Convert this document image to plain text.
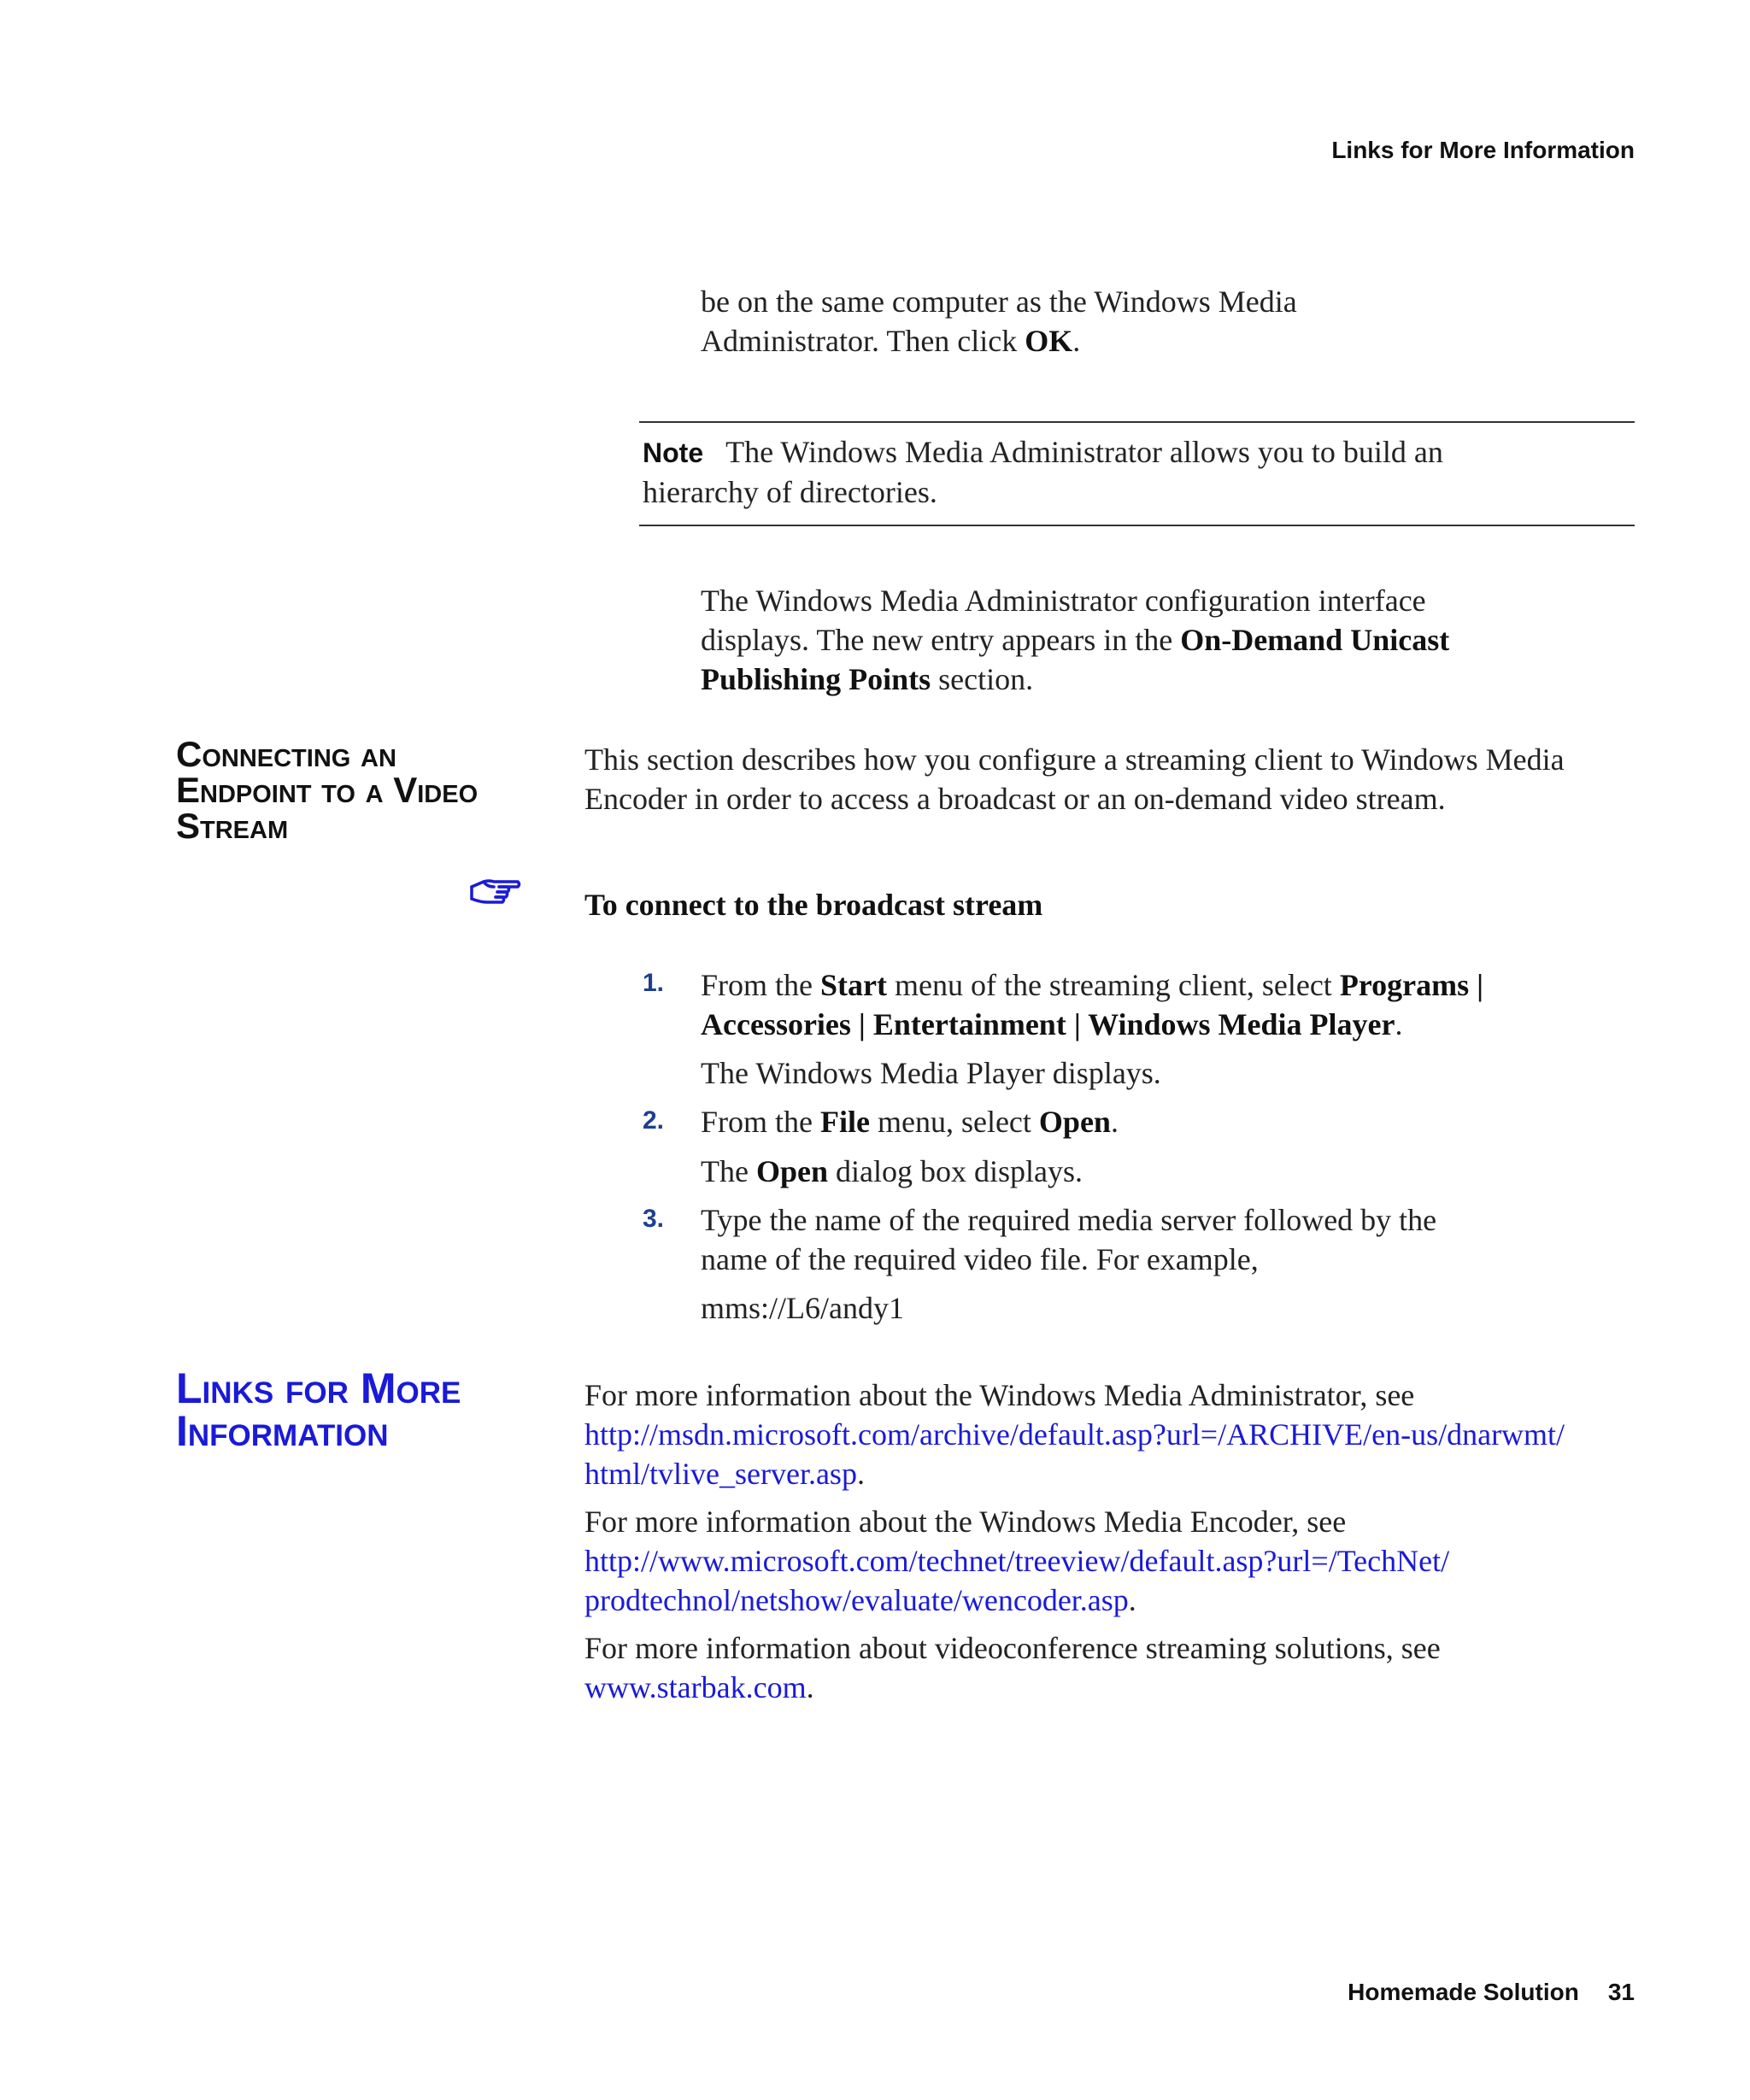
Links for More Information
be on the same computer as the Windows Media
Administrator. Then click OK.
Note The Windows Media Administrator allows you to build an
hierarchy of directories.
The Windows Media Administrator configuration interface
displays. The new entry appears in the On-Demand Unicast
Publishing Points section.
Connecting an
Endpoint to a Video
Stream
This section describes how you configure a streaming client to Windows Media
Encoder in order to access a broadcast or an on-demand video stream.
To connect to the broadcast stream
1. From the Start menu of the streaming client, select Programs |
Accessories | Entertainment | Windows Media Player.
The Windows Media Player displays.
2. From the File menu, select Open.
The Open dialog box displays.
3. Type the name of the required media server followed by the
name of the required video file. For example,
mms://L6/andy1
Links for More
Information
For more information about the Windows Media Administrator, see
http://msdn.microsoft.com/archive/default.asp?url=/ARCHIVE/en-us/dnarwmt/
html/tvlive_server.asp.
For more information about the Windows Media Encoder, see
http://www.microsoft.com/technet/treeview/default.asp?url=/TechNet/
prodtechnol/netshow/evaluate/wencoder.asp.
For more information about videoconference streaming solutions, see
www.starbak.com.
Homemade Solution 31
